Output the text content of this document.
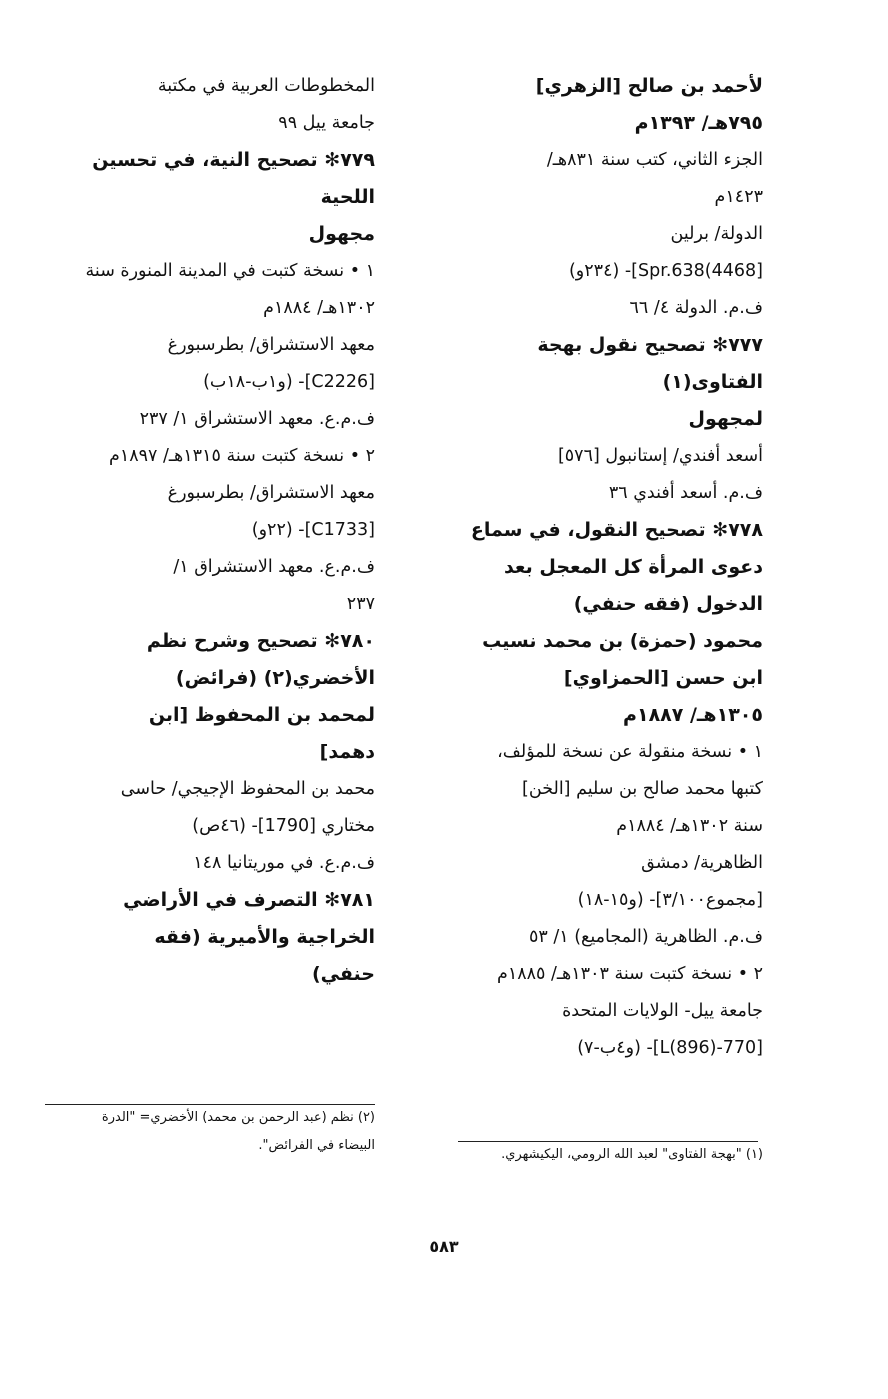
لأحمد بن صالح [الزهري]
٧٩٥هـ/ ١٣٩٣م
الجزء الثاني، كتب سنة ٨٣١هـ/
١٤٢٣م
الدولة/ برلين
[4468)Spr.638]- (٢٣٤و)
ف.م. الدولة ٤/ ٦٦
٧٧٧✻ تصحيح نقول بهجة
الفتاوى(١)
لمجهول
أسعد أفندي/ إستانبول [٥٧٦]
ف.م. أسعد أفندي ٣٦
٧٧٨✻ تصحيح النقول، في سماع
دعوى المرأة كل المعجل بعد
الدخول (فقه حنفي)
محمود (حمزة) بن محمد نسيب
ابن حسن [الحمزاوي]
١٣٠٥هـ/ ١٨٨٧م
١ • نسخة منقولة عن نسخة للمؤلف،
كتبها محمد صالح بن سليم [الخن]
سنة ١٣٠٢هـ/ ١٨٨٤م
الظاهرية/ دمشق
[مجموع٣/١٠٠]- (و١٥-١٨)
ف.م. الظاهرية (المجاميع) ١/ ٥٣
٢ • نسخة كتبت سنة ١٣٠٣هـ/ ١٨٨٥م
جامعة ييل- الولايات المتحدة
[770-L(896)]- (و٤ب-٧)
المخطوطات العربية في مكتبة
جامعة ييل ٩٩
٧٧٩✻ تصحيح النية، في تحسين
اللحية
مجهول
١ • نسخة كتبت في المدينة المنورة سنة
١٣٠٢هـ/ ١٨٨٤م
معهد الاستشراق/ بطرسبورغ
[C2226]- (و١ب-١٨ب)
ف.م.ع. معهد الاستشراق ١/ ٢٣٧
٢ • نسخة كتبت سنة ١٣١٥هـ/ ١٨٩٧م
معهد الاستشراق/ بطرسبورغ
[C1733]- (٢٢و)
ف.م.ع. معهد الاستشراق ١/
٢٣٧
٧٨٠✻ تصحيح وشرح نظم
الأخضري(٢) (فرائض)
لمحمد بن المحفوظ [ابن
دهمد]
محمد بن المحفوظ الإجيجي/ حاسى
مختاري [1790]- (٤٦ص)
ف.م.ع. في موريتانيا ١٤٨
٧٨١✻ التصرف في الأراضي
الخراجية والأميرية (فقه
حنفي)
(٢) نظم (عبد الرحمن بن محمد) الأخضري= "الدرة
البيضاء في الفرائض".
(١) "بهجة الفتاوى" لعبد الله الرومي، اليكيشهري.
٥٨٣
